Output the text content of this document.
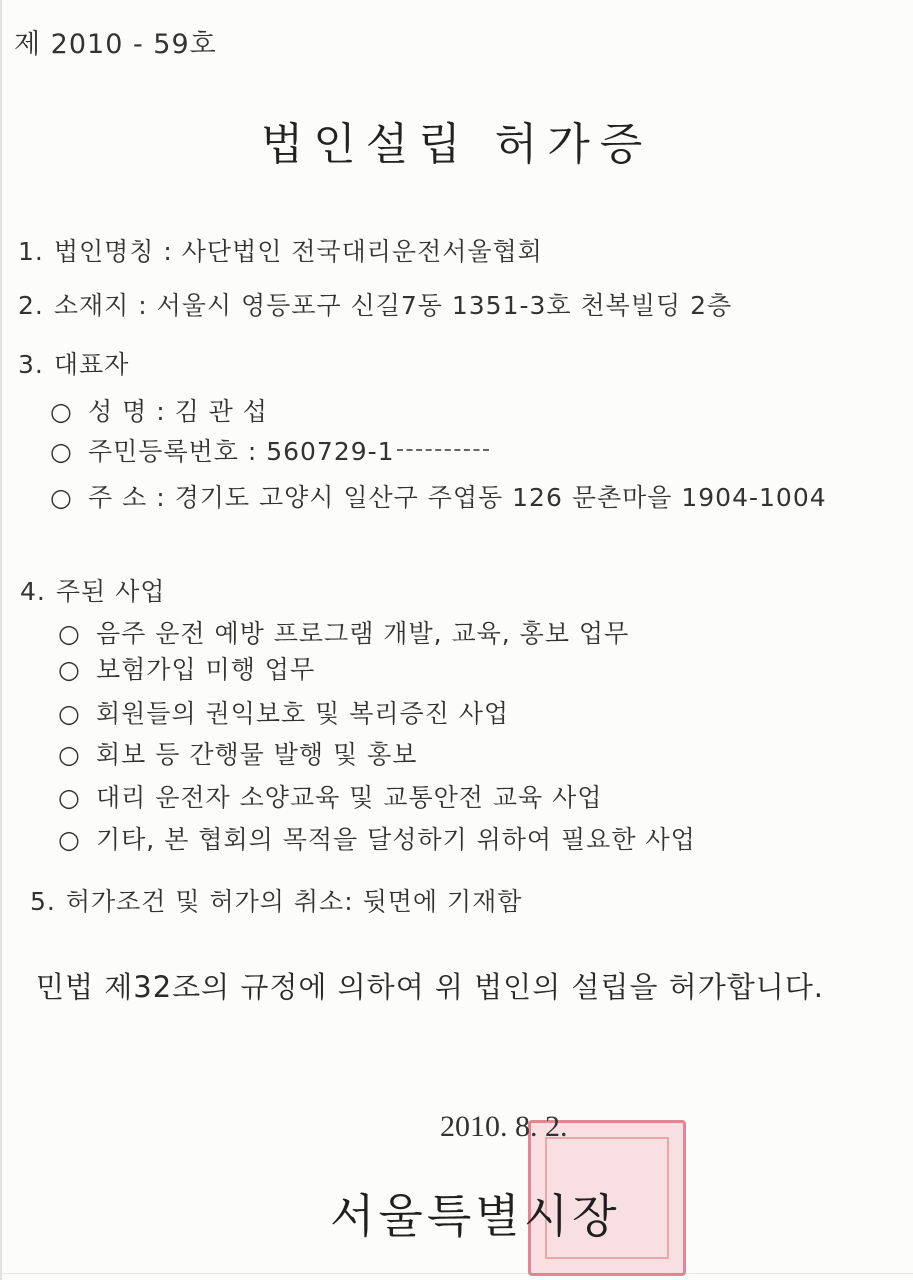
제 2010 - 59호
법인설립 허가증
1. 법인명칭 : 사단법인 전국대리운전서울협회
2. 소재지 : 서울시 영등포구 신길7동 1351-3호 천복빌딩 2층
3. 대표자
○ 성 명 : 김 관 섭
○ 주민등록번호 : 560729-1
○ 주 소 : 경기도 고양시 일산구 주엽동 126 문촌마을 1904-1004
4. 주된 사업
○ 음주 운전 예방 프로그램 개발, 교육, 홍보 업무
○ 보험가입 미행 업무
○ 회원들의 권익보호 및 복리증진 사업
○ 회보 등 간행물 발행 및 홍보
○ 대리 운전자 소양교육 및 교통안전 교육 사업
○ 기타, 본 협회의 목적을 달성하기 위하여 필요한 사업
5. 허가조건 및 허가의 취소: 뒷면에 기재함
민법 제32조의 규정에 의하여 위 법인의 설립을 허가합니다.
2010. 8. 2.
서울특별시장
